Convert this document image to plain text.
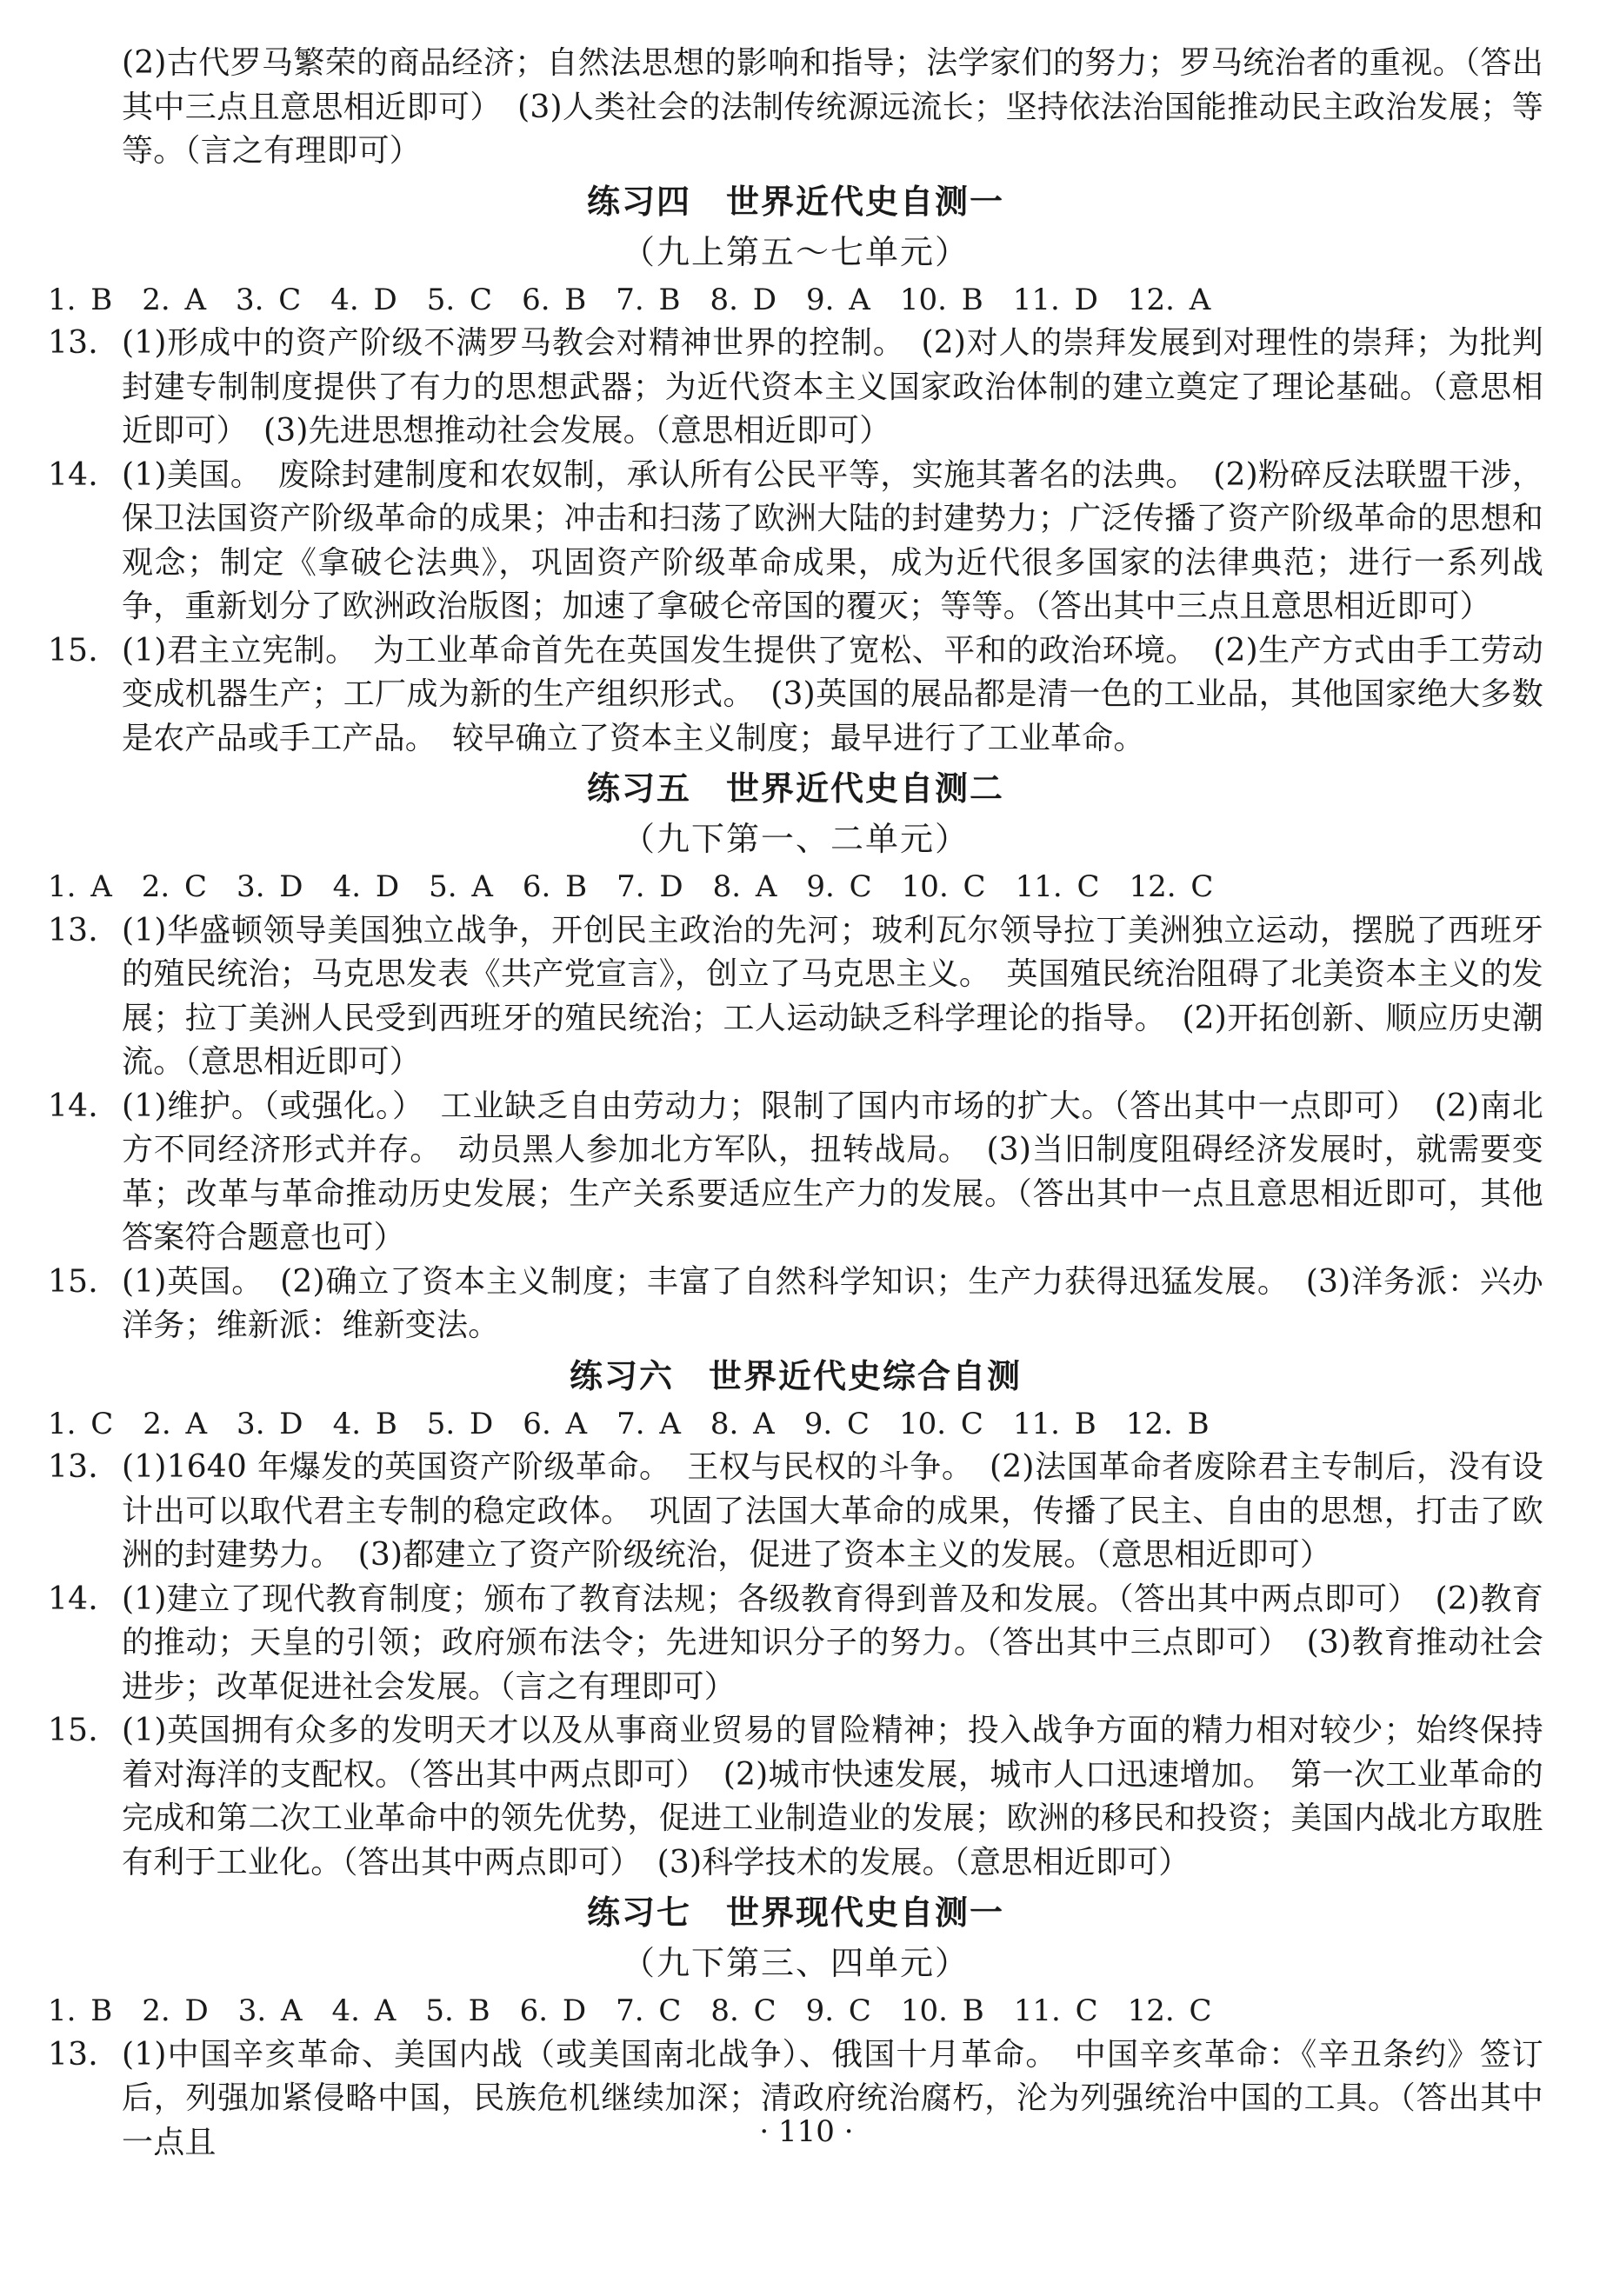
(2)古代罗马繁荣的商品经济；自然法思想的影响和指导；法学家们的努力；罗马统治者的重视。（答出其中三点且意思相近即可）　(3)人类社会的法制传统源远流长；坚持依法治国能推动民主政治发展；等等。（言之有理即可）

练习四　世界近代史自测一
（九上第五～七单元）

1. B　2. A　3. C　4. D　5. C　6. B　7. B　8. D　9. A　10. B　11. D　12. A

13. (1)形成中的资产阶级不满罗马教会对精神世界的控制。　(2)对人的崇拜发展到对理性的崇拜；为批判封建专制制度提供了有力的思想武器；为近代资本主义国家政治体制的建立奠定了理论基础。（意思相近即可）　(3)先进思想推动社会发展。（意思相近即可）
14. (1)美国。　废除封建制度和农奴制，承认所有公民平等，实施其著名的法典。　(2)粉碎反法联盟干涉，保卫法国资产阶级革命的成果；冲击和扫荡了欧洲大陆的封建势力；广泛传播了资产阶级革命的思想和观念；制定《拿破仑法典》，巩固资产阶级革命成果，成为近代很多国家的法律典范；进行一系列战争，重新划分了欧洲政治版图；加速了拿破仑帝国的覆灭；等等。（答出其中三点且意思相近即可）
15. (1)君主立宪制。　为工业革命首先在英国发生提供了宽松、平和的政治环境。　(2)生产方式由手工劳动变成机器生产；工厂成为新的生产组织形式。　(3)英国的展品都是清一色的工业品，其他国家绝大多数是农产品或手工产品。　较早确立了资本主义制度；最早进行了工业革命。
练习五　世界近代史自测二
（九下第一、二单元）

1. A　2. C　3. D　4. D　5. A　6. B　7. D　8. A　9. C　10. C　11. C　12. C

13. (1)华盛顿领导美国独立战争，开创民主政治的先河；玻利瓦尔领导拉丁美洲独立运动，摆脱了西班牙的殖民统治；马克思发表《共产党宣言》，创立了马克思主义。　英国殖民统治阻碍了北美资本主义的发展；拉丁美洲人民受到西班牙的殖民统治；工人运动缺乏科学理论的指导。　(2)开拓创新、顺应历史潮流。（意思相近即可）
14. (1)维护。（或强化。）　工业缺乏自由劳动力；限制了国内市场的扩大。（答出其中一点即可）　(2)南北方不同经济形式并存。　动员黑人参加北方军队，扭转战局。　(3)当旧制度阻碍经济发展时，就需要变革；改革与革命推动历史发展；生产关系要适应生产力的发展。（答出其中一点且意思相近即可，其他答案符合题意也可）
15. (1)英国。　(2)确立了资本主义制度；丰富了自然科学知识；生产力获得迅猛发展。　(3)洋务派：兴办洋务；维新派：维新变法。
练习六　世界近代史综合自测

1. C　2. A　3. D　4. B　5. D　6. A　7. A　8. A　9. C　10. C　11. B　12. B

13. (1)1640 年爆发的英国资产阶级革命。　王权与民权的斗争。　(2)法国革命者废除君主专制后，没有设计出可以取代君主专制的稳定政体。　巩固了法国大革命的成果，传播了民主、自由的思想，打击了欧洲的封建势力。　(3)都建立了资产阶级统治，促进了资本主义的发展。（意思相近即可）
14. (1)建立了现代教育制度；颁布了教育法规；各级教育得到普及和发展。（答出其中两点即可）　(2)教育的推动；天皇的引领；政府颁布法令；先进知识分子的努力。（答出其中三点即可）　(3)教育推动社会进步；改革促进社会发展。（言之有理即可）
15. (1)英国拥有众多的发明天才以及从事商业贸易的冒险精神；投入战争方面的精力相对较少；始终保持着对海洋的支配权。（答出其中两点即可）　(2)城市快速发展，城市人口迅速增加。　第一次工业革命的完成和第二次工业革命中的领先优势，促进工业制造业的发展；欧洲的移民和投资；美国内战北方取胜有利于工业化。（答出其中两点即可）　(3)科学技术的发展。（意思相近即可）
练习七　世界现代史自测一
（九下第三、四单元）

1. B　2. D　3. A　4. A　5. B　6. D　7. C　8. C　9. C　10. B　11. C　12. C

13. (1)中国辛亥革命、美国内战（或美国南北战争）、俄国十月革命。　中国辛亥革命：《辛丑条约》签订后，列强加紧侵略中国，民族危机继续加深；清政府统治腐朽，沦为列强统治中国的工具。（答出其中一点且	· 110 ·
